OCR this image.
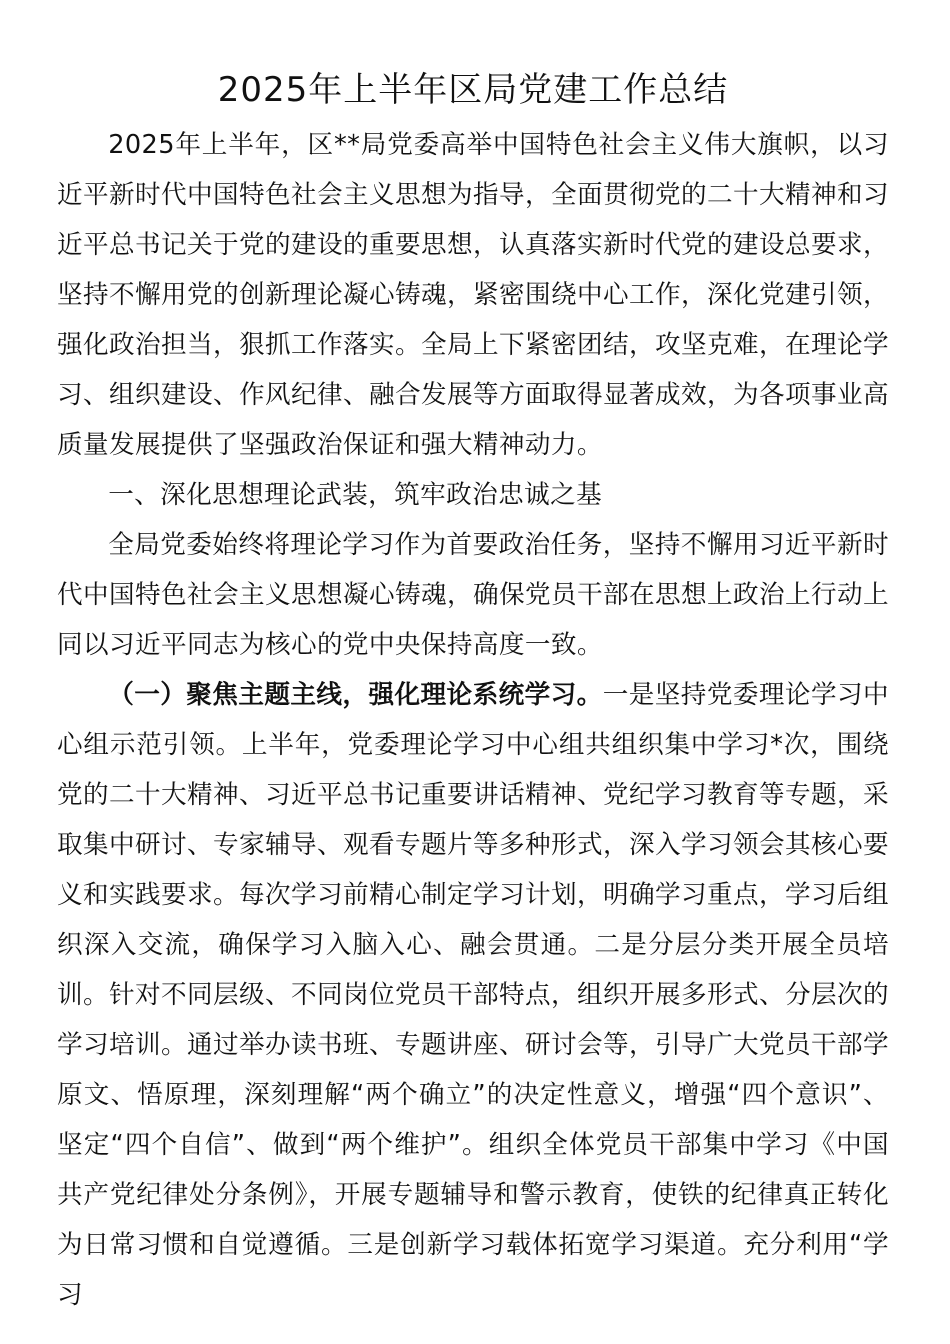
2025年上半年区局党建工作总结

2025年上半年，区**局党委高举中国特色社会主义伟大旗帜，以习近平新时代中国特色社会主义思想为指导，全面贯彻党的二十大精神和习近平总书记关于党的建设的重要思想，认真落实新时代党的建设总要求，坚持不懈用党的创新理论凝心铸魂，紧密围绕中心工作，深化党建引领，强化政治担当，狠抓工作落实。全局上下紧密团结，攻坚克难，在理论学习、组织建设、作风纪律、融合发展等方面取得显著成效，为各项事业高质量发展提供了坚强政治保证和强大精神动力。

一、深化思想理论武装，筑牢政治忠诚之基

全局党委始终将理论学习作为首要政治任务，坚持不懈用习近平新时代中国特色社会主义思想凝心铸魂，确保党员干部在思想上政治上行动上同以习近平同志为核心的党中央保持高度一致。

（一）聚焦主题主线，强化理论系统学习。一是坚持党委理论学习中心组示范引领。上半年，党委理论学习中心组共组织集中学习*次，围绕党的二十大精神、习近平总书记重要讲话精神、党纪学习教育等专题，采取集中研讨、专家辅导、观看专题片等多种形式，深入学习领会其核心要义和实践要求。每次学习前精心制定学习计划，明确学习重点，学习后组织深入交流，确保学习入脑入心、融会贯通。二是分层分类开展全员培训。针对不同层级、不同岗位党员干部特点，组织开展多形式、分层次的学习培训。通过举办读书班、专题讲座、研讨会等，引导广大党员干部学原文、悟原理，深刻理解“两个确立”的决定性意义，增强“四个意识”、坚定“四个自信”、做到“两个维护”。组织全体党员干部集中学习《中国共产党纪律处分条例》，开展专题辅导和警示教育，使铁的纪律真正转化为日常习惯和自觉遵循。三是创新学习载体拓宽学习渠道。充分利用“学习
